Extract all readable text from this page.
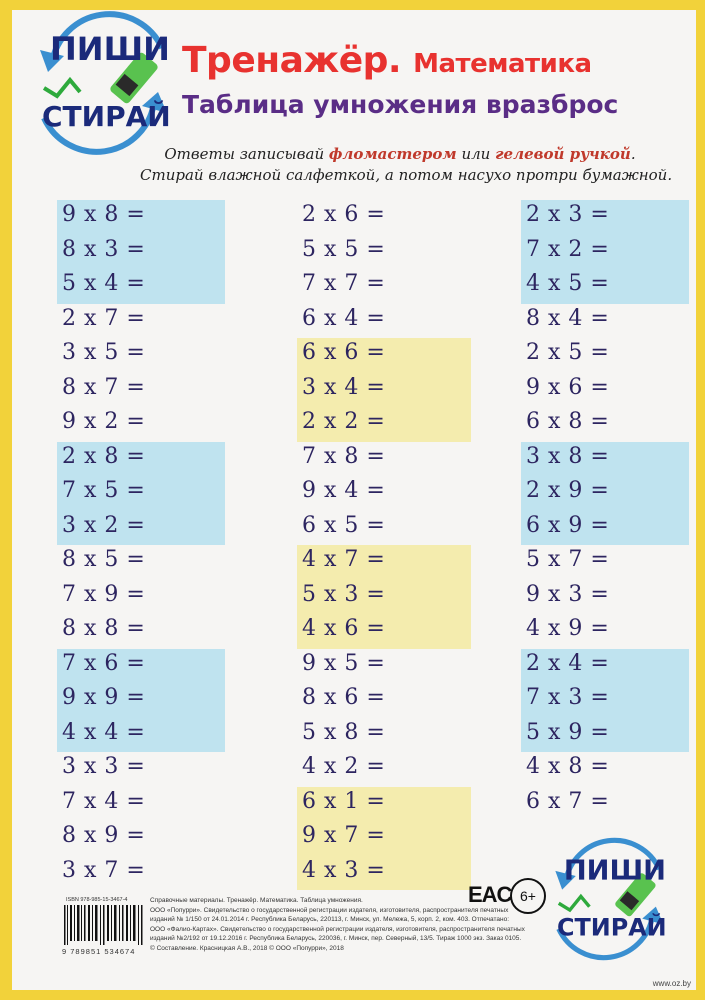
ПИШИ
СТИРАЙ
Тренажёр. Математика
Таблица умножения вразброс
Ответы записывай фломастером или гелевой ручкой.
Стирай влажной салфеткой, а потом насухо протри бумажной.
9 x 8 =
8 x 3 =
5 x 4 =
2 x 7 =
3 x 5 =
8 x 7 =
9 x 2 =
2 x 8 =
7 x 5 =
3 x 2 =
8 x 5 =
7 x 9 =
8 x 8 =
7 x 6 =
9 x 9 =
4 x 4 =
3 x 3 =
7 x 4 =
8 x 9 =
3 x 7 =
2 x 6 =
5 x 5 =
7 x 7 =
6 x 4 =
6 x 6 =
3 x 4 =
2 x 2 =
7 x 8 =
9 x 4 =
6 x 5 =
4 x 7 =
5 x 3 =
4 x 6 =
9 x 5 =
8 x 6 =
5 x 8 =
4 x 2 =
6 x 1 =
9 x 7 =
4 x 3 =
2 x 3 =
7 x 2 =
4 x 5 =
8 x 4 =
2 x 5 =
9 x 6 =
6 x 8 =
3 x 8 =
2 x 9 =
6 x 9 =
5 x 7 =
9 x 3 =
4 x 9 =
2 x 4 =
7 x 3 =
5 x 9 =
4 x 8 =
6 x 7 =
ПИШИ
СТИРАЙ
ISBN 978-985-15-3467-4
9 789851 534674
Справочные материалы. Тренажёр. Математика. Таблица умножения.
ООО «Попурри». Свидетельство о государственной регистрации издателя, изготовителя, распространителя печатных
изданий № 1/150 от 24.01.2014 г. Республика Беларусь, 220113, г. Минск, ул. Мележа, 5, корп. 2, ком. 403. Отпечатано:
ООО «Фалио-Картах». Свидетельство о государственной регистрации издателя, изготовителя, распространителя печатных
изданий №2/192 от 19.12.2016 г. Республика Беларусь, 220036, г. Минск, пер. Северный, 13/5. Тираж 1000 экз. Заказ 0105.
© Составление. Красницкая А.В., 2018 © ООО «Попурри», 2018
EAC 6+
www.oz.by
